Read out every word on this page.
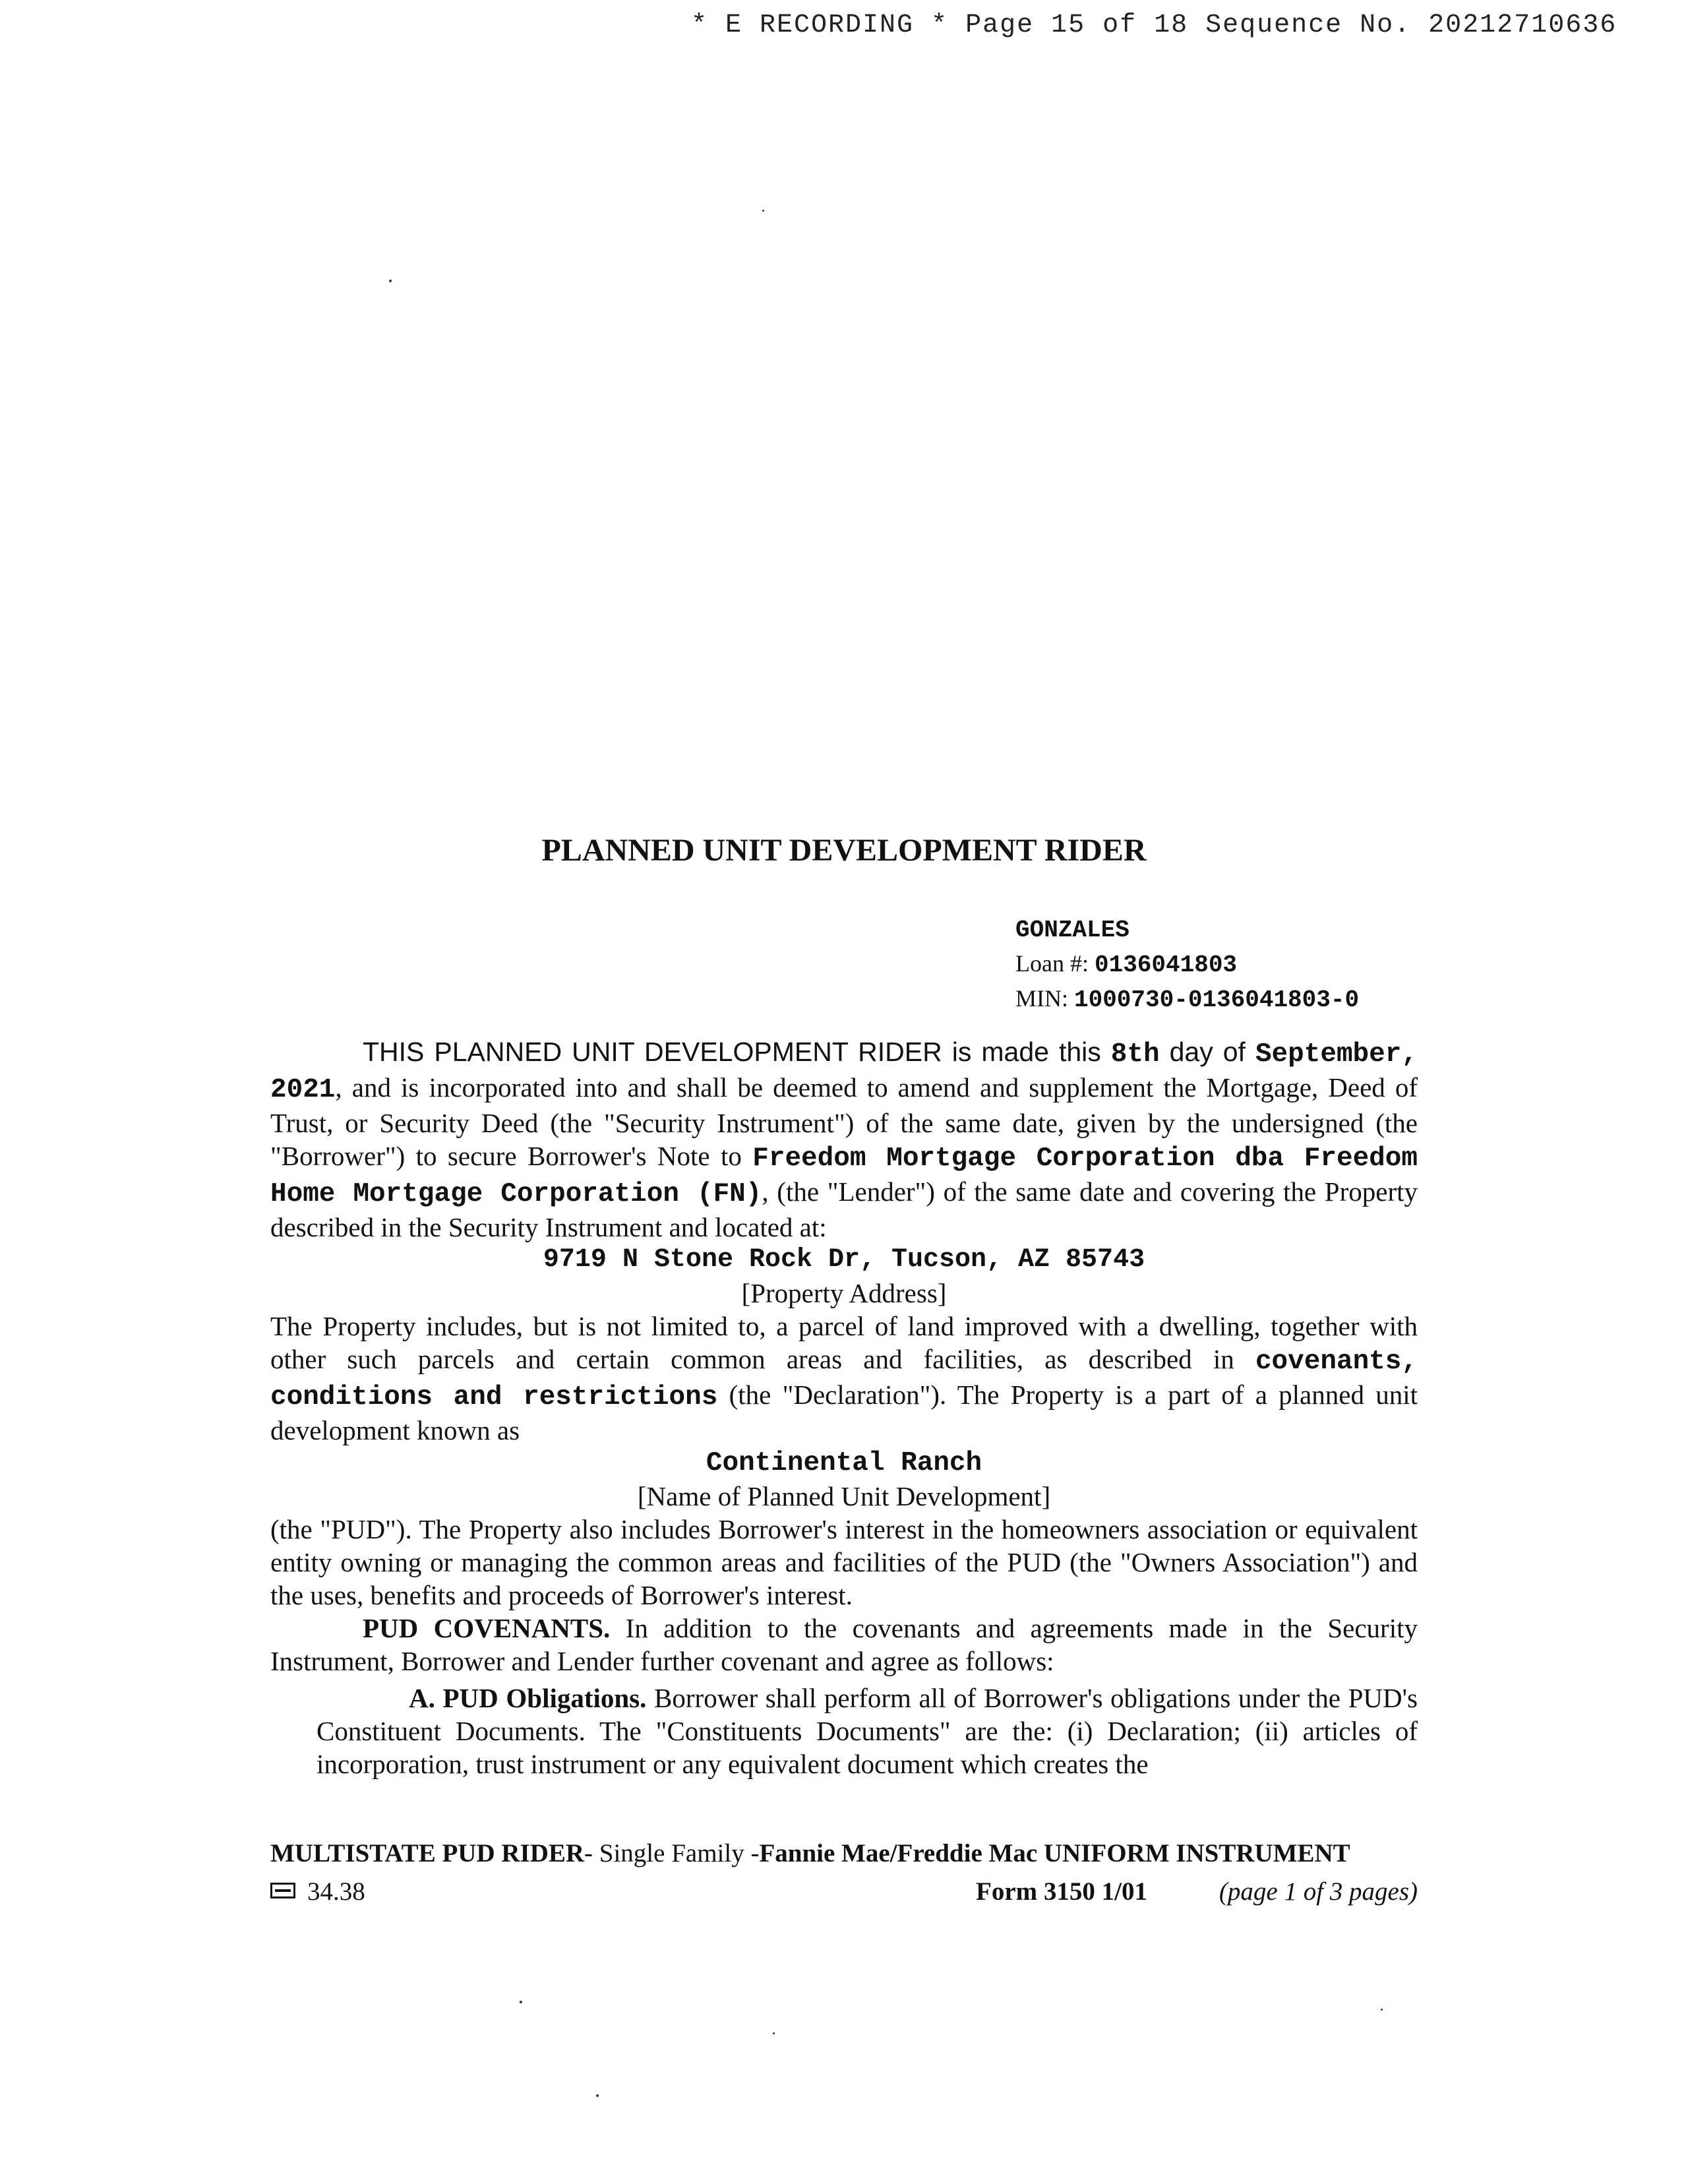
* E RECORDING * Page 15 of 18 Sequence No. 20212710636
PLANNED UNIT DEVELOPMENT RIDER
GONZALES
Loan #: 0136041803
MIN: 1000730-0136041803-0

THIS PLANNED UNIT DEVELOPMENT RIDER is made this 8th day of September, 2021, and is incorporated into and shall be deemed to amend and supplement the Mortgage, Deed of Trust, or Security Deed (the "Security Instrument") of the same date, given by the undersigned (the "Borrower") to secure Borrower's Note to Freedom Mortgage Corporation dba Freedom Home Mortgage Corporation (FN), (the "Lender") of the same date and covering the Property described in the Security Instrument and located at:

9719 N Stone Rock Dr, Tucson, AZ 85743

[Property Address]

The Property includes, but is not limited to, a parcel of land improved with a dwelling, together with other such parcels and certain common areas and facilities, as described in covenants, conditions and restrictions (the "Declaration"). The Property is a part of a planned unit development known as

Continental Ranch

[Name of Planned Unit Development]

(the "PUD"). The Property also includes Borrower's interest in the homeowners association or equivalent entity owning or managing the common areas and facilities of the PUD (the "Owners Association") and the uses, benefits and proceeds of Borrower's interest.

PUD COVENANTS. In addition to the covenants and agreements made in the Security Instrument, Borrower and Lender further covenant and agree as follows:

A. PUD Obligations. Borrower shall perform all of Borrower's obligations under the PUD's Constituent Documents. The "Constituents Documents" are the: (i) Declaration; (ii) articles of incorporation, trust instrument or any equivalent document which creates the

MULTISTATE PUD RIDER- Single Family -Fannie Mae/Freddie Mac UNIFORM INSTRUMENT
34.38	Form 3150 1/01	(page 1 of 3 pages)
